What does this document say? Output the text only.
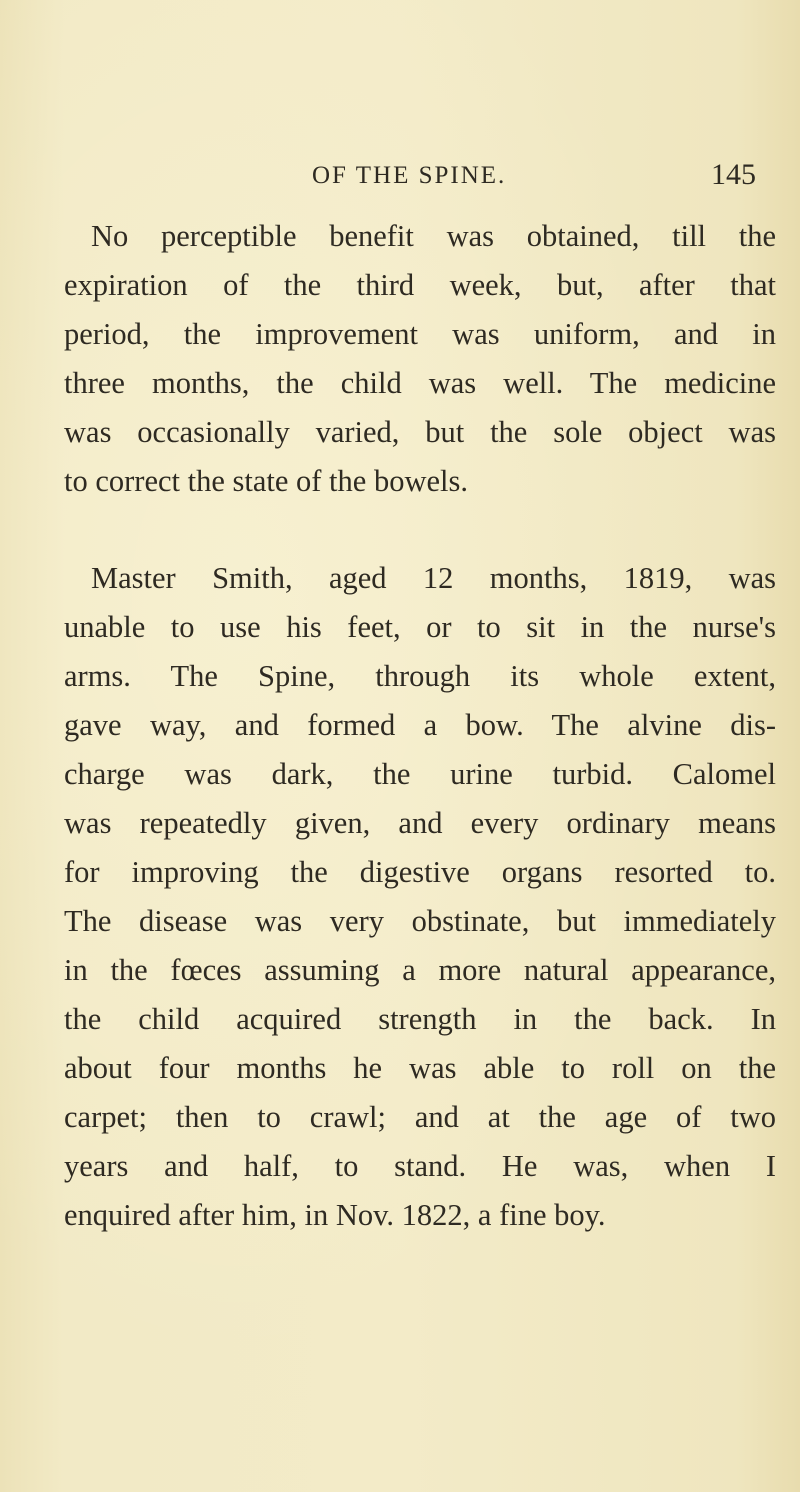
OF THE SPINE.	145
No perceptible benefit was obtained, till the
expiration of the third week, but, after that
period, the improvement was uniform, and in
three months, the child was well. The medicine
was occasionally varied, but the sole object was
to correct the state of the bowels.
Master Smith, aged 12 months, 1819, was
unable to use his feet, or to sit in the nurse's
arms. The Spine, through its whole extent,
gave way, and formed a bow. The alvine dis-
charge was dark, the urine turbid. Calomel
was repeatedly given, and every ordinary means
for improving the digestive organs resorted to.
The disease was very obstinate, but immediately
in the fœces assuming a more natural appearance,
the child acquired strength in the back. In
about four months he was able to roll on the
carpet; then to crawl; and at the age of two
years and half, to stand. He was, when I
enquired after him, in Nov. 1822, a fine boy.
